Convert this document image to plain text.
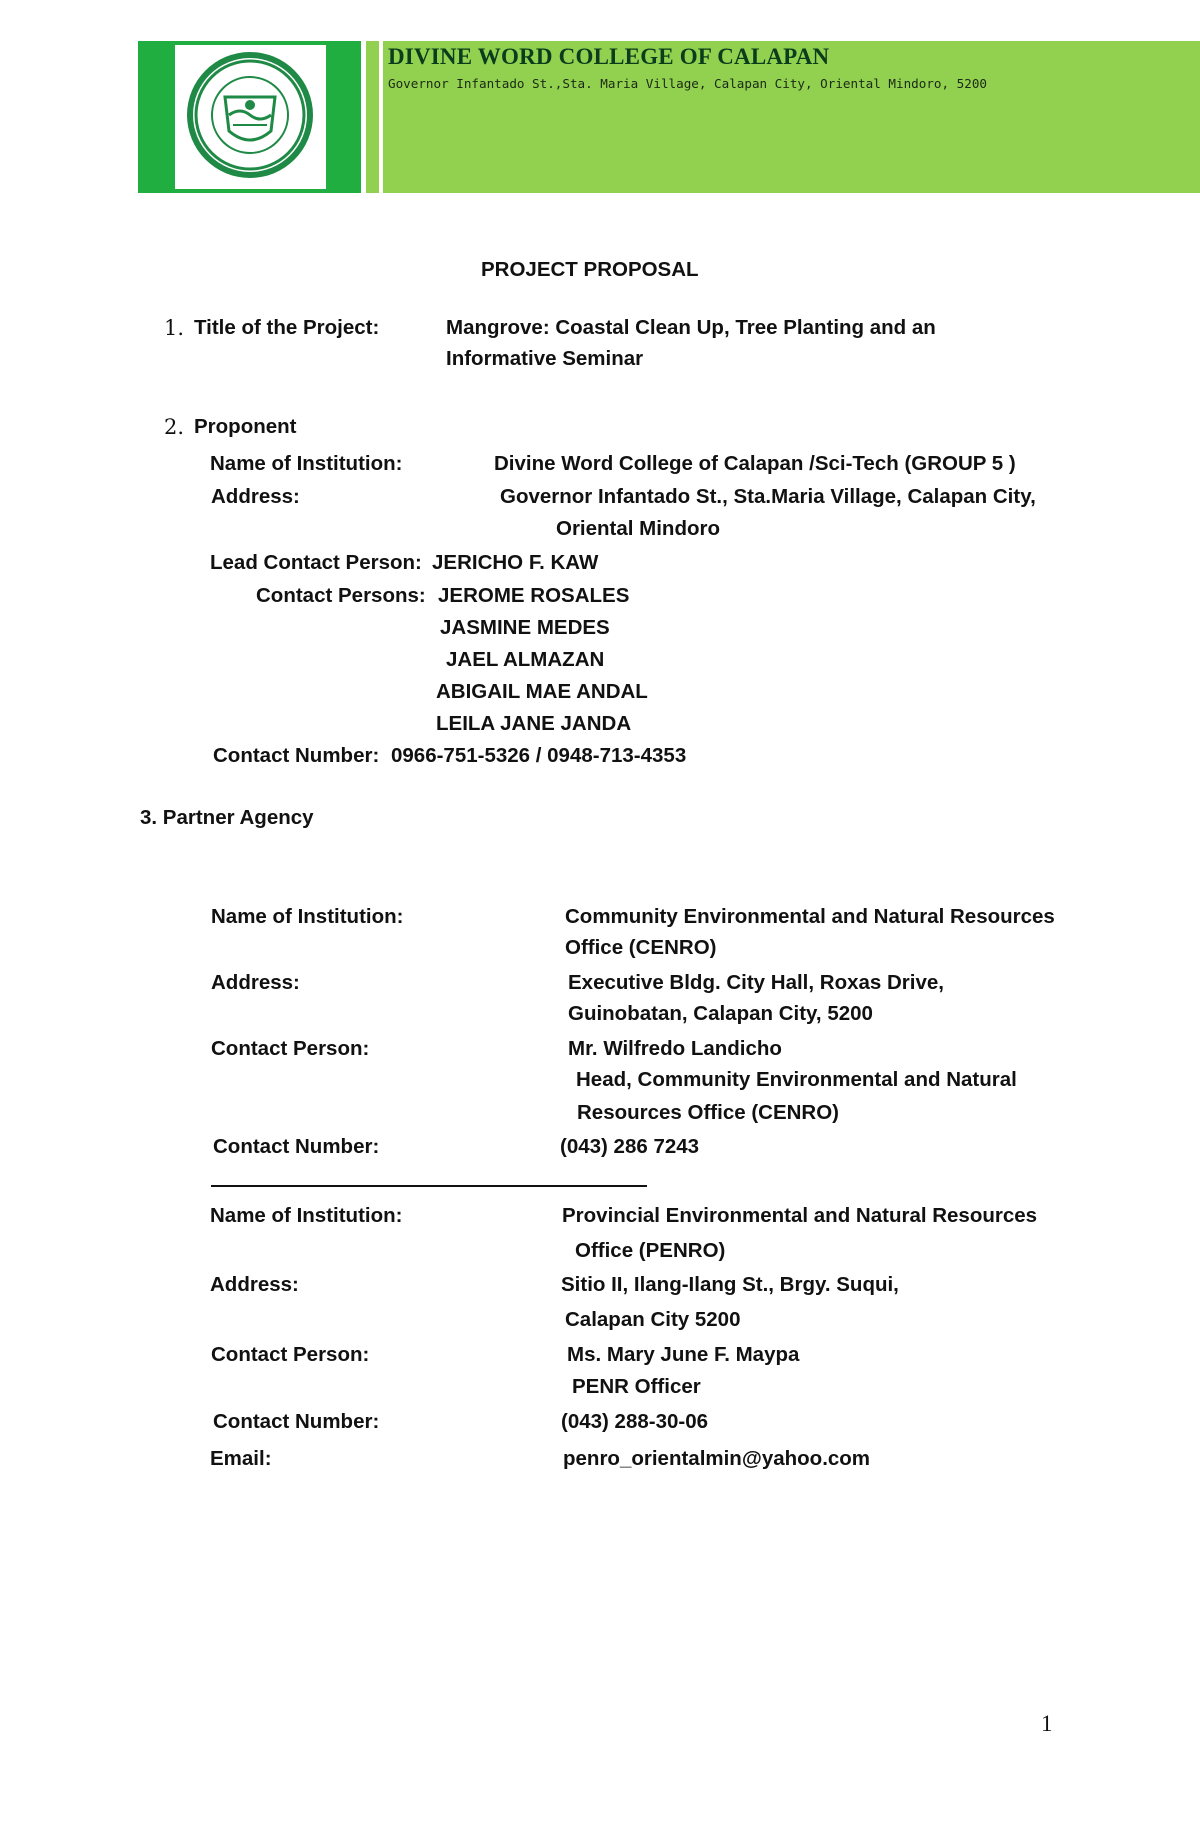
DIVINE WORD COLLEGE OF CALAPAN
Governor Infantado St.,Sta. Maria Village, Calapan City, Oriental Mindoro, 5200
PROJECT PROPOSAL
1. Title of the Project:	Mangrove: Coastal Clean Up, Tree Planting and an
Informative Seminar
2. Proponent
Name of Institution:	Divine Word College of Calapan /Sci-Tech (GROUP 5 )
Address:	Governor Infantado St., Sta.Maria Village, Calapan City,
Oriental Mindoro
Lead Contact Person: JERICHO F. KAW
Contact Persons: JEROME ROSALES
JASMINE MEDES
JAEL ALMAZAN
ABIGAIL MAE ANDAL
LEILA JANE JANDA
Contact Number: 0966-751-5326 / 0948-713-4353
3. Partner Agency
Name of Institution:	Community Environmental and Natural Resources
Office (CENRO)
Address:	Executive Bldg. City Hall, Roxas Drive,
Guinobatan, Calapan City, 5200
Contact Person:	Mr. Wilfredo Landicho
Head, Community Environmental and Natural
Resources Office (CENRO)
Contact Number:	(043) 286 7243
Name of Institution:	Provincial Environmental and Natural Resources
Office (PENRO)
Address:	Sitio II, Ilang-Ilang St., Brgy. Suqui,
Calapan City 5200
Contact Person:	Ms. Mary June F. Maypa
PENR Officer
Contact Number:	(043) 288-30-06
Email:	penro_orientalmin@yahoo.com
1
